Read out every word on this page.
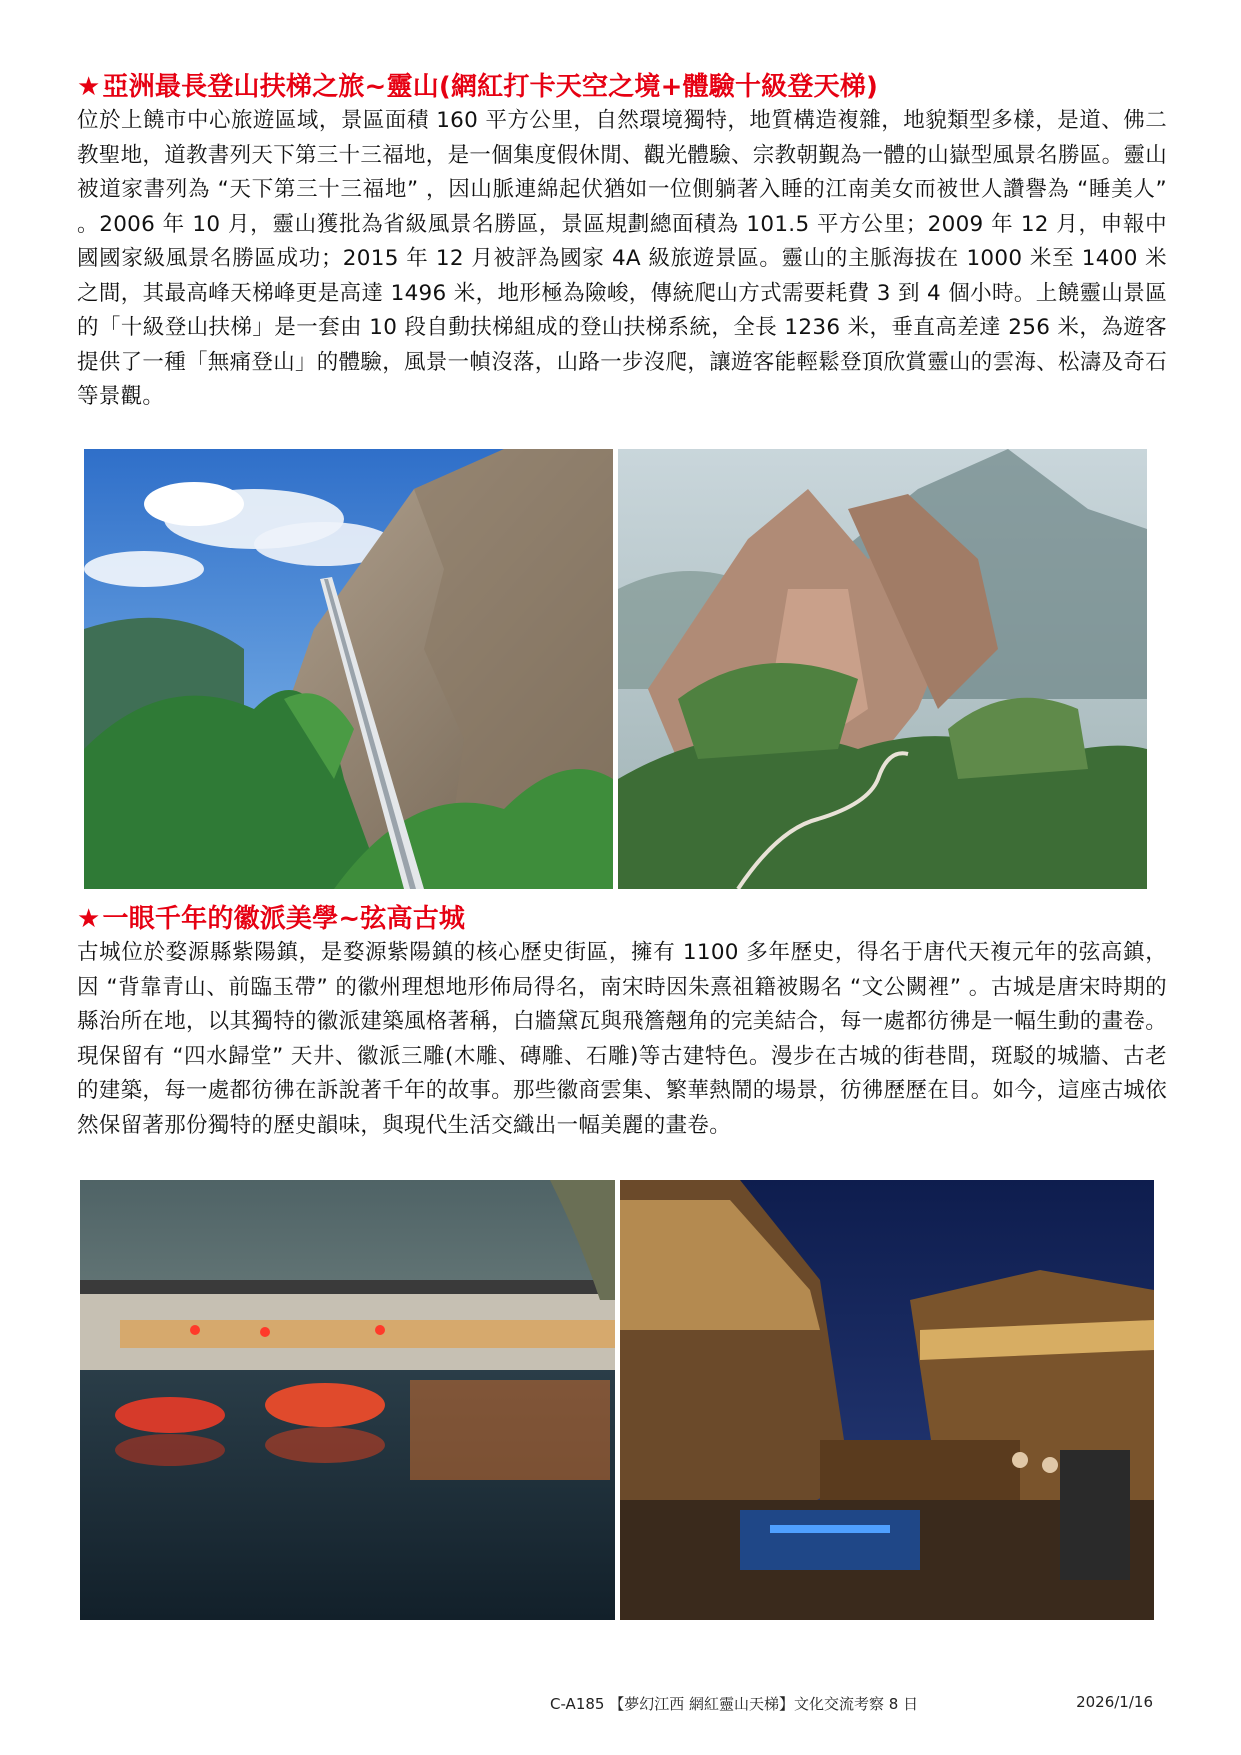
★亞洲最長登山扶梯之旅~靈山(網紅打卡天空之境+體驗十級登天梯)

位於上饒市中心旅遊區域，景區面積 160 平方公里，自然環境獨特，地質構造複雜，地貌類型多樣，是道、佛二教聖地，道教書列天下第三十三福地，是一個集度假休閒、觀光體驗、宗教朝覲為一體的山嶽型風景名勝區。靈山被道家書列為 “天下第三十三福地” ，因山脈連綿起伏猶如一位側躺著入睡的江南美女而被世人讚譽為 “睡美人” 。2006 年 10 月，靈山獲批為省級風景名勝區，景區規劃總面積為 101.5 平方公里；2009 年 12 月，申報中國國家級風景名勝區成功；2015 年 12 月被評為國家 4A 級旅遊景區。靈山的主脈海拔在 1000 米至 1400 米之間，其最高峰天梯峰更是高達 1496 米，地形極為險峻，傳統爬山方式需要耗費 3 到 4 個小時。上饒靈山景區的「十級登山扶梯」是一套由 10 段自動扶梯組成的登山扶梯系統，全長 1236 米，垂直高差達 256 米，為遊客提供了一種「無痛登山」的體驗，風景一幀沒落，山路一步沒爬，讓遊客能輕鬆登頂欣賞靈山的雲海、松濤及奇石等景觀。

★一眼千年的徽派美學~弦高古城

古城位於婺源縣紫陽鎮，是婺源紫陽鎮的核心歷史街區，擁有 1100 多年歷史，得名于唐代天複元年的弦高鎮，因 “背靠青山、前臨玉帶” 的徽州理想地形佈局得名，南宋時因朱熹祖籍被賜名 “文公闕裡” 。古城是唐宋時期的縣治所在地，以其獨特的徽派建築風格著稱，白牆黛瓦與飛簷翹角的完美結合，每一處都彷彿是一幅生動的畫卷。現保留有 “四水歸堂” 天井、徽派三雕(木雕、磚雕、石雕)等古建特色。漫步在古城的街巷間，斑駁的城牆、古老的建築，每一處都彷彿在訴說著千年的故事。那些徽商雲集、繁華熱鬧的場景，彷彿歷歷在目。如今，這座古城依然保留著那份獨特的歷史韻味，與現代生活交織出一幅美麗的畫卷。

C-A185 【夢幻江西 網紅靈山天梯】文化交流考察 8 日	2026/1/16
